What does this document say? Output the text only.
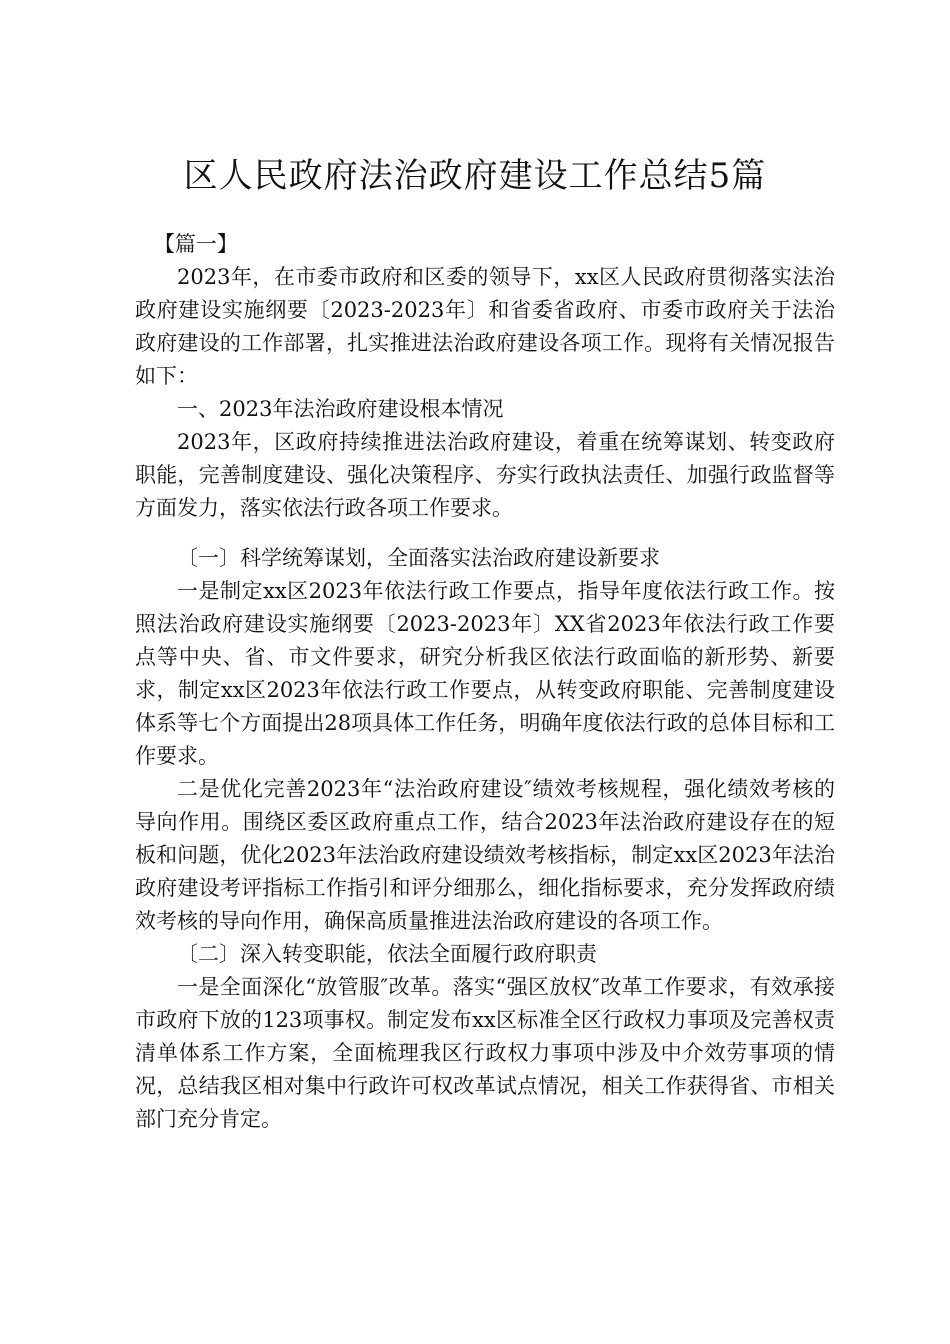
区人民政府法治政府建设工作总结5篇

【篇一】

2023年，在市委市政府和区委的领导下，xx区人民政府贯彻落实法治政府建设实施纲要〔2023-2023年〕和省委省政府、市委市政府关于法治政府建设的工作部署，扎实推进法治政府建设各项工作。现将有关情况报告如下：

一、2023年法治政府建设根本情况

2023年，区政府持续推进法治政府建设，着重在统筹谋划、转变政府职能，完善制度建设、强化决策程序、夯实行政执法责任、加强行政监督等方面发力，落实依法行政各项工作要求。

〔一〕科学统筹谋划，全面落实法治政府建设新要求

一是制定xx区2023年依法行政工作要点，指导年度依法行政工作。按照法治政府建设实施纲要〔2023-2023年〕XX省2023年依法行政工作要点等中央、省、市文件要求，研究分析我区依法行政面临的新形势、新要求，制定xx区2023年依法行政工作要点，从转变政府职能、完善制度建设体系等七个方面提出28项具体工作任务，明确年度依法行政的总体目标和工作要求。

二是优化完善2023年“法治政府建设″绩效考核规程，强化绩效考核的导向作用。围绕区委区政府重点工作，结合2023年法治政府建设存在的短板和问题，优化2023年法治政府建设绩效考核指标，制定xx区2023年法治政府建设考评指标工作指引和评分细那么，细化指标要求，充分发挥政府绩效考核的导向作用，确保高质量推进法治政府建设的各项工作。

〔二〕深入转变职能，依法全面履行政府职责

一是全面深化“放管服″改革。落实“强区放权″改革工作要求，有效承接市政府下放的123项事权。制定发布xx区标准全区行政权力事项及完善权责清单体系工作方案，全面梳理我区行政权力事项中涉及中介效劳事项的情况，总结我区相对集中行政许可权改革试点情况，相关工作获得省、市相关部门充分肯定。
